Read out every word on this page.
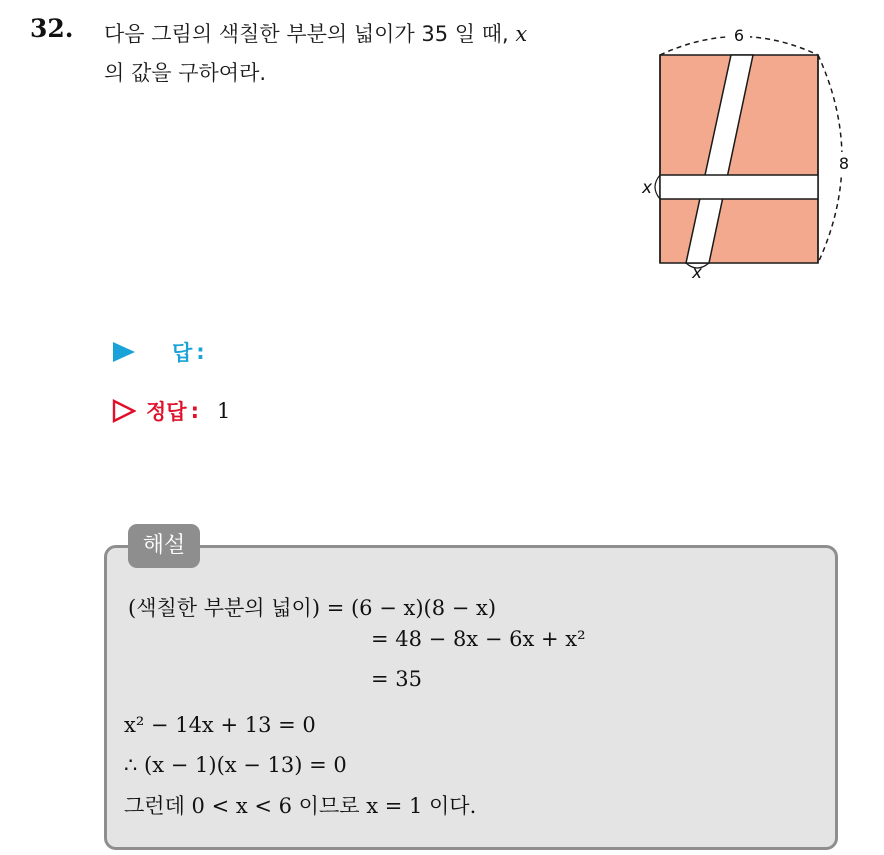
32. 다음 그림의 색칠한 부분의 넓이가 35 일 때, x
의 값을 구하여라.
6
8
x
x
답 :
정답 : 1
해설
(색칠한 부분의 넓이) = (6 − x)(8 − x)
= 48 − 8x − 6x + x²
= 35
x² − 14x + 13 = 0
∴ (x − 1)(x − 13) = 0
그런데 0 < x < 6 이므로 x = 1 이다.
